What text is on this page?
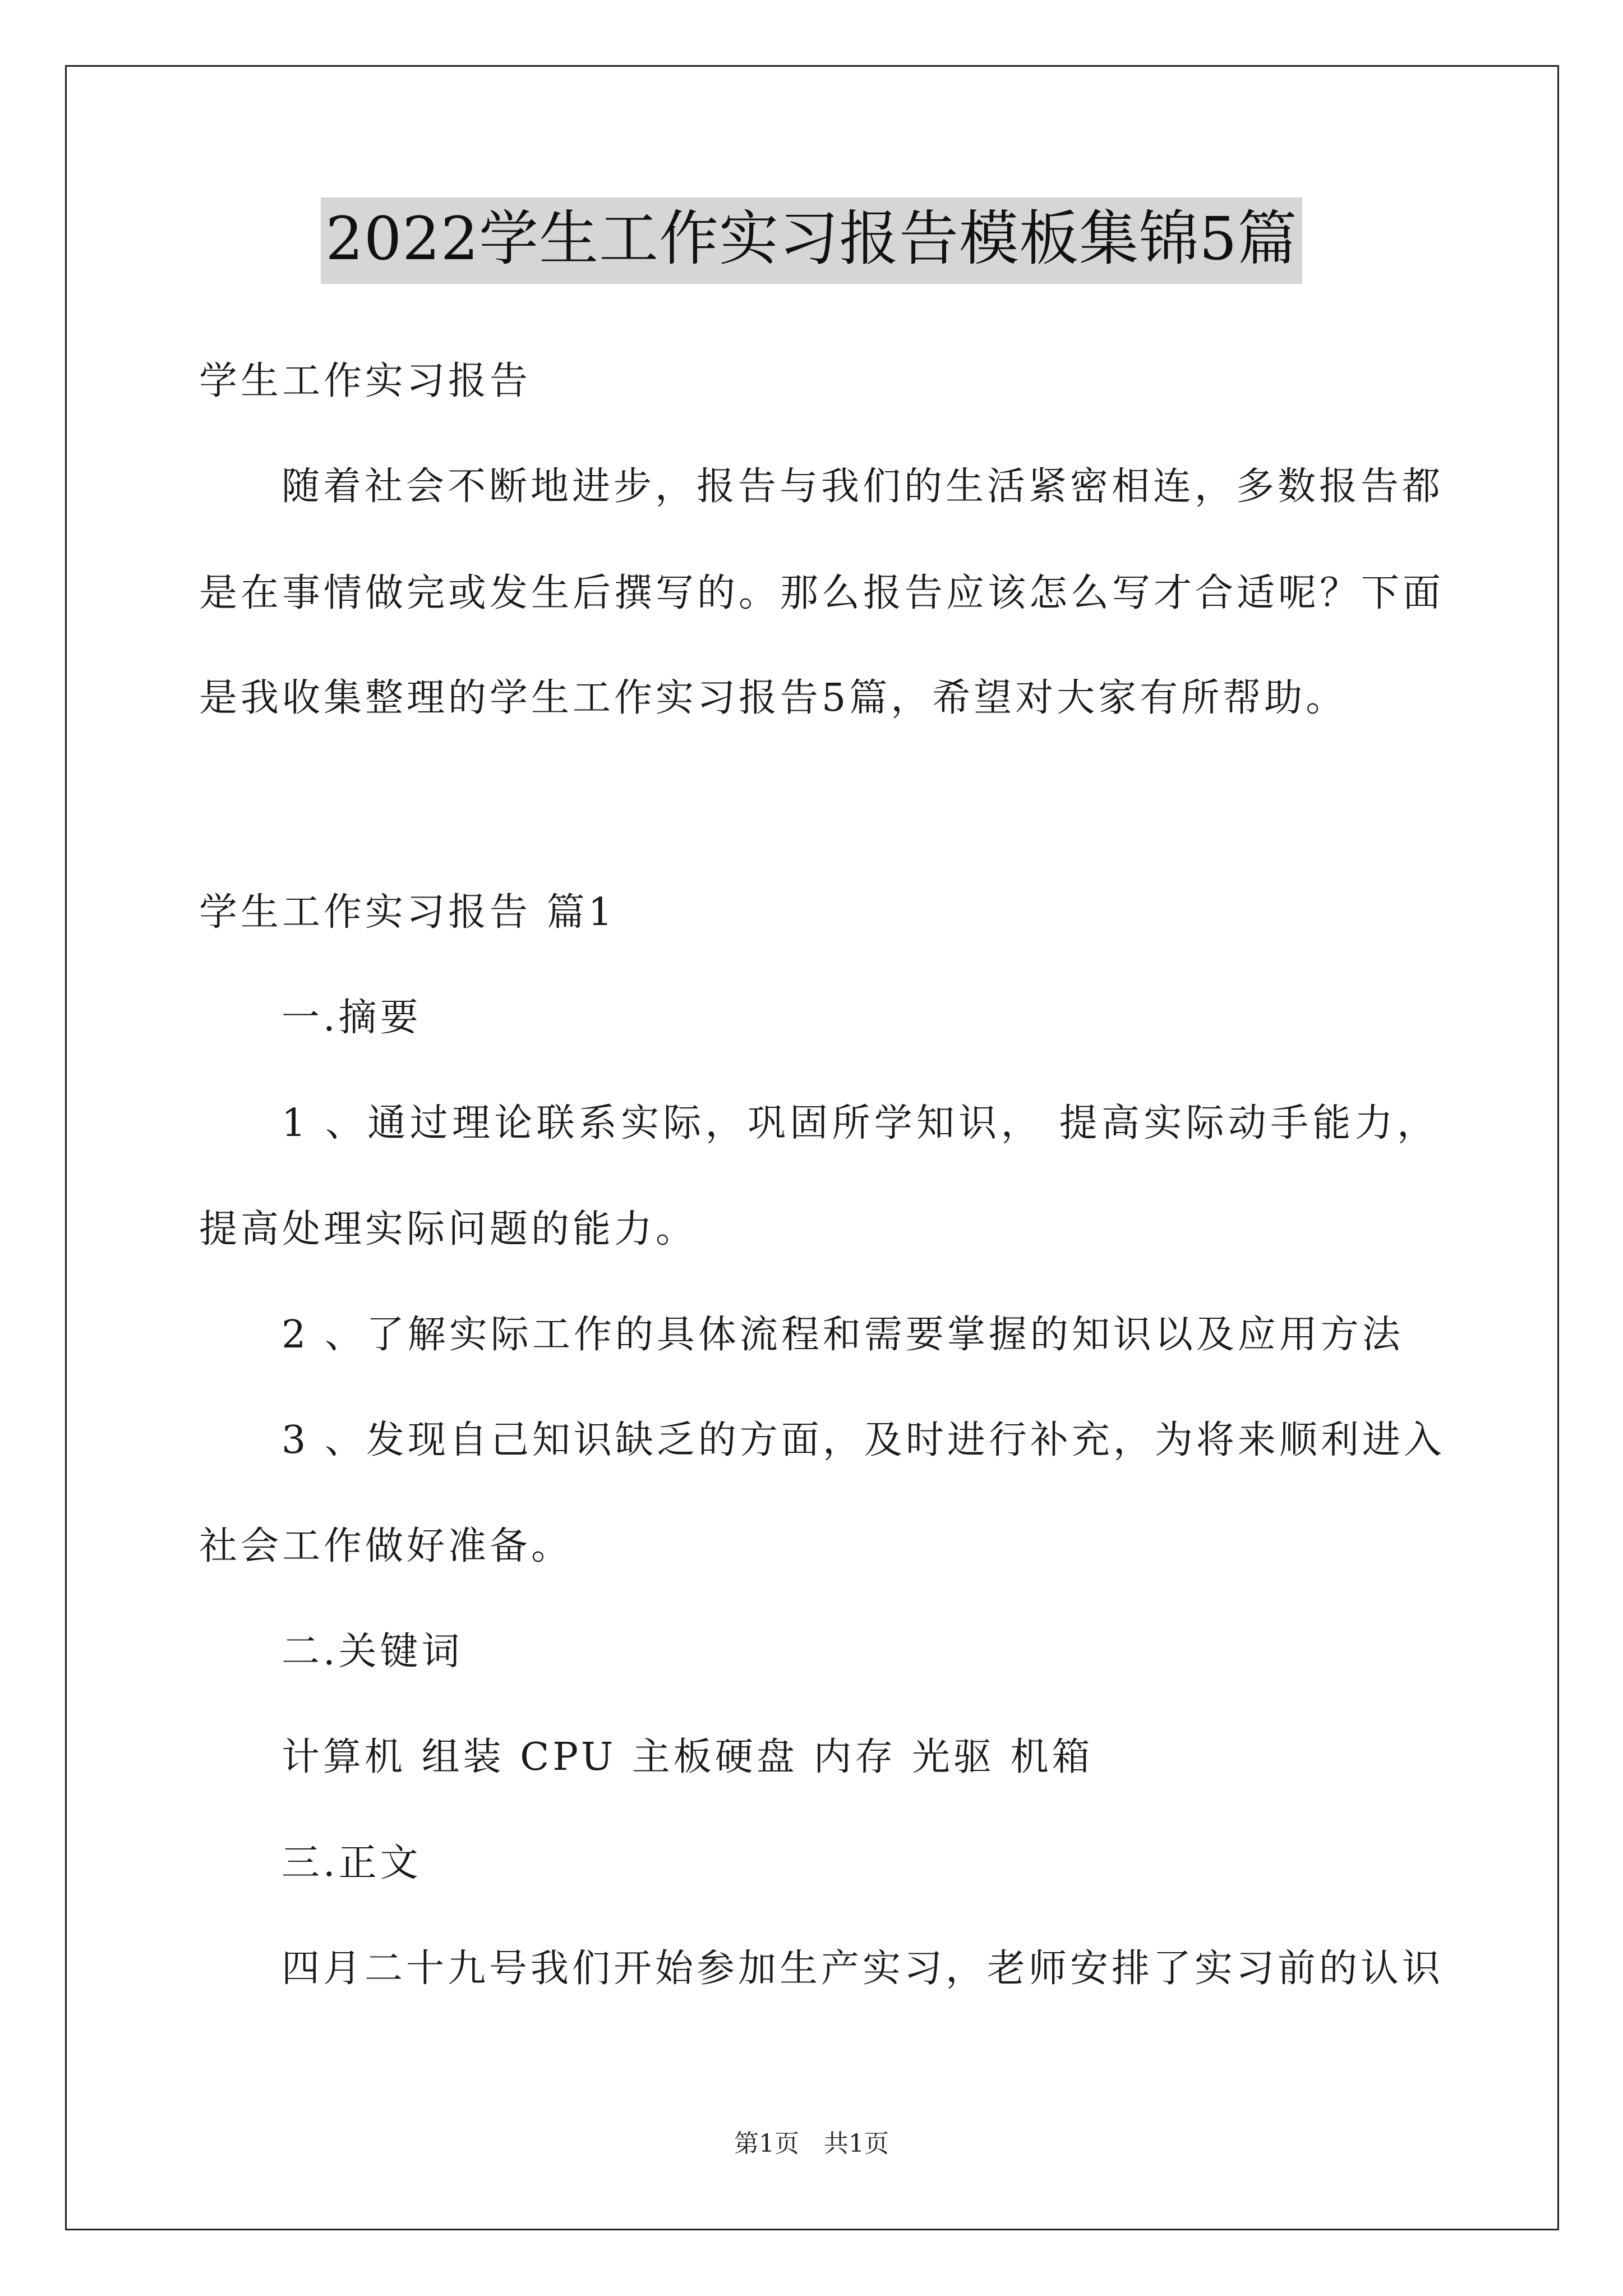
2022学生工作实习报告模板集锦5篇
学生工作实习报告
随着社会不断地进步，报告与我们的生活紧密相连，多数报告都
是在事情做完或发生后撰写的。那么报告应该怎么写才合适呢？下面
是我收集整理的学生工作实习报告5篇，希望对大家有所帮助。
学生工作实习报告 篇1
一.摘要
1 、通过理论联系实际，巩固所学知识， 提高实际动手能力，
提高处理实际问题的能力。
2 、了解实际工作的具体流程和需要掌握的知识以及应用方法
3 、发现自己知识缺乏的方面，及时进行补充，为将来顺利进入
社会工作做好准备。
二.关键词
计算机 组装 CPU 主板硬盘 内存 光驱 机箱
三.正文
四月二十九号我们开始参加生产实习，老师安排了实习前的认识
第1页　共1页
